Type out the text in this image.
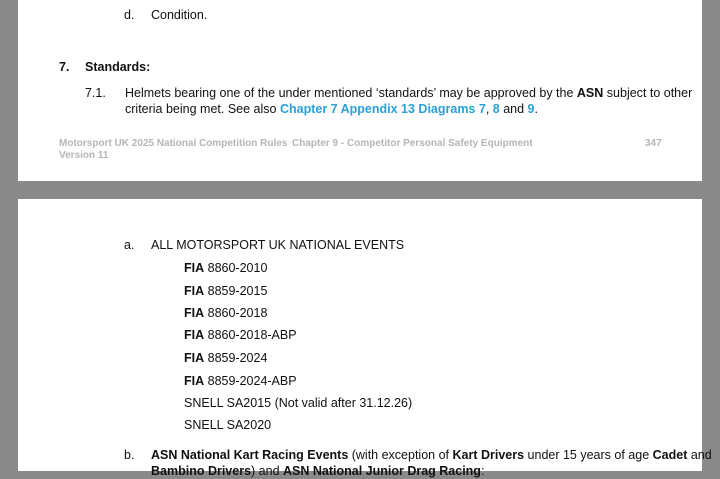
d. Condition.
7. Standards:
7.1. Helmets bearing one of the under mentioned ‘standards’ may be approved by the ASN subject to other
criteria being met. See also Chapter 7 Appendix 13 Diagrams 7, 8 and 9.
Motorsport UK 2025 National Competition Rules
Version 11
Chapter 9 - Competitor Personal Safety Equipment	347
a. ALL MOTORSPORT UK NATIONAL EVENTS
FIA 8860-2010
FIA 8859-2015
FIA 8860-2018
FIA 8860-2018-ABP
FIA 8859-2024
FIA 8859-2024-ABP
SNELL SA2015 (Not valid after 31.12.26)
SNELL SA2020
b. ASN National Kart Racing Events (with exception of Kart Drivers under 15 years of age Cadet and
Bambino Drivers) and ASN National Junior Drag Racing:
